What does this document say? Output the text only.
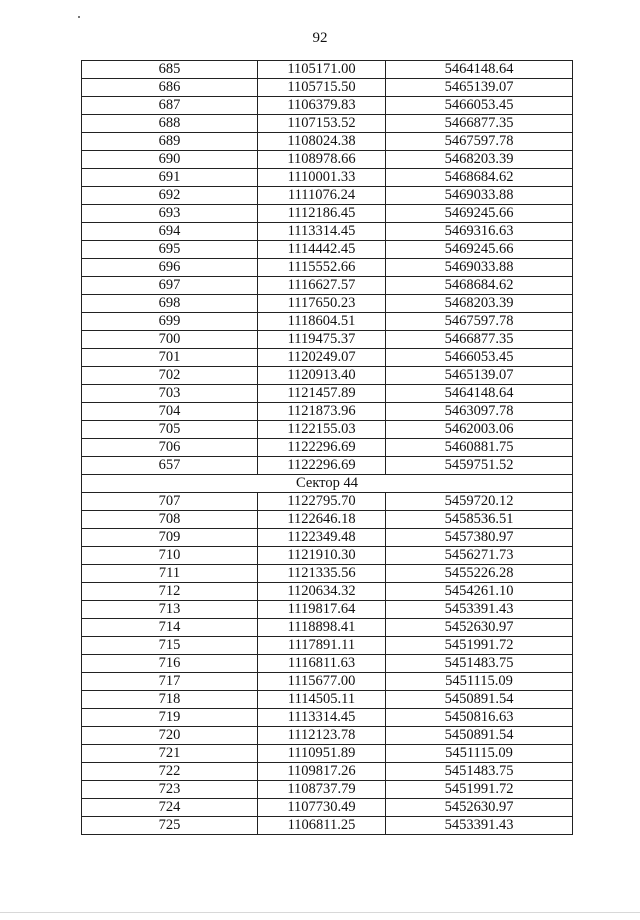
92
685	1105171.00	5464148.64
686	1105715.50	5465139.07
687	1106379.83	5466053.45
688	1107153.52	5466877.35
689	1108024.38	5467597.78
690	1108978.66	5468203.39
691	1110001.33	5468684.62
692	1111076.24	5469033.88
693	1112186.45	5469245.66
694	1113314.45	5469316.63
695	1114442.45	5469245.66
696	1115552.66	5469033.88
697	1116627.57	5468684.62
698	1117650.23	5468203.39
699	1118604.51	5467597.78
700	1119475.37	5466877.35
701	1120249.07	5466053.45
702	1120913.40	5465139.07
703	1121457.89	5464148.64
704	1121873.96	5463097.78
705	1122155.03	5462003.06
706	1122296.69	5460881.75
657	1122296.69	5459751.52
Сектор 44		
707	1122795.70	5459720.12
708	1122646.18	5458536.51
709	1122349.48	5457380.97
710	1121910.30	5456271.73
711	1121335.56	5455226.28
712	1120634.32	5454261.10
713	1119817.64	5453391.43
714	1118898.41	5452630.97
715	1117891.11	5451991.72
716	1116811.63	5451483.75
717	1115677.00	5451115.09
718	1114505.11	5450891.54
719	1113314.45	5450816.63
720	1112123.78	5450891.54
721	1110951.89	5451115.09
722	1109817.26	5451483.75
723	1108737.79	5451991.72
724	1107730.49	5452630.97
725	1106811.25	5453391.43
